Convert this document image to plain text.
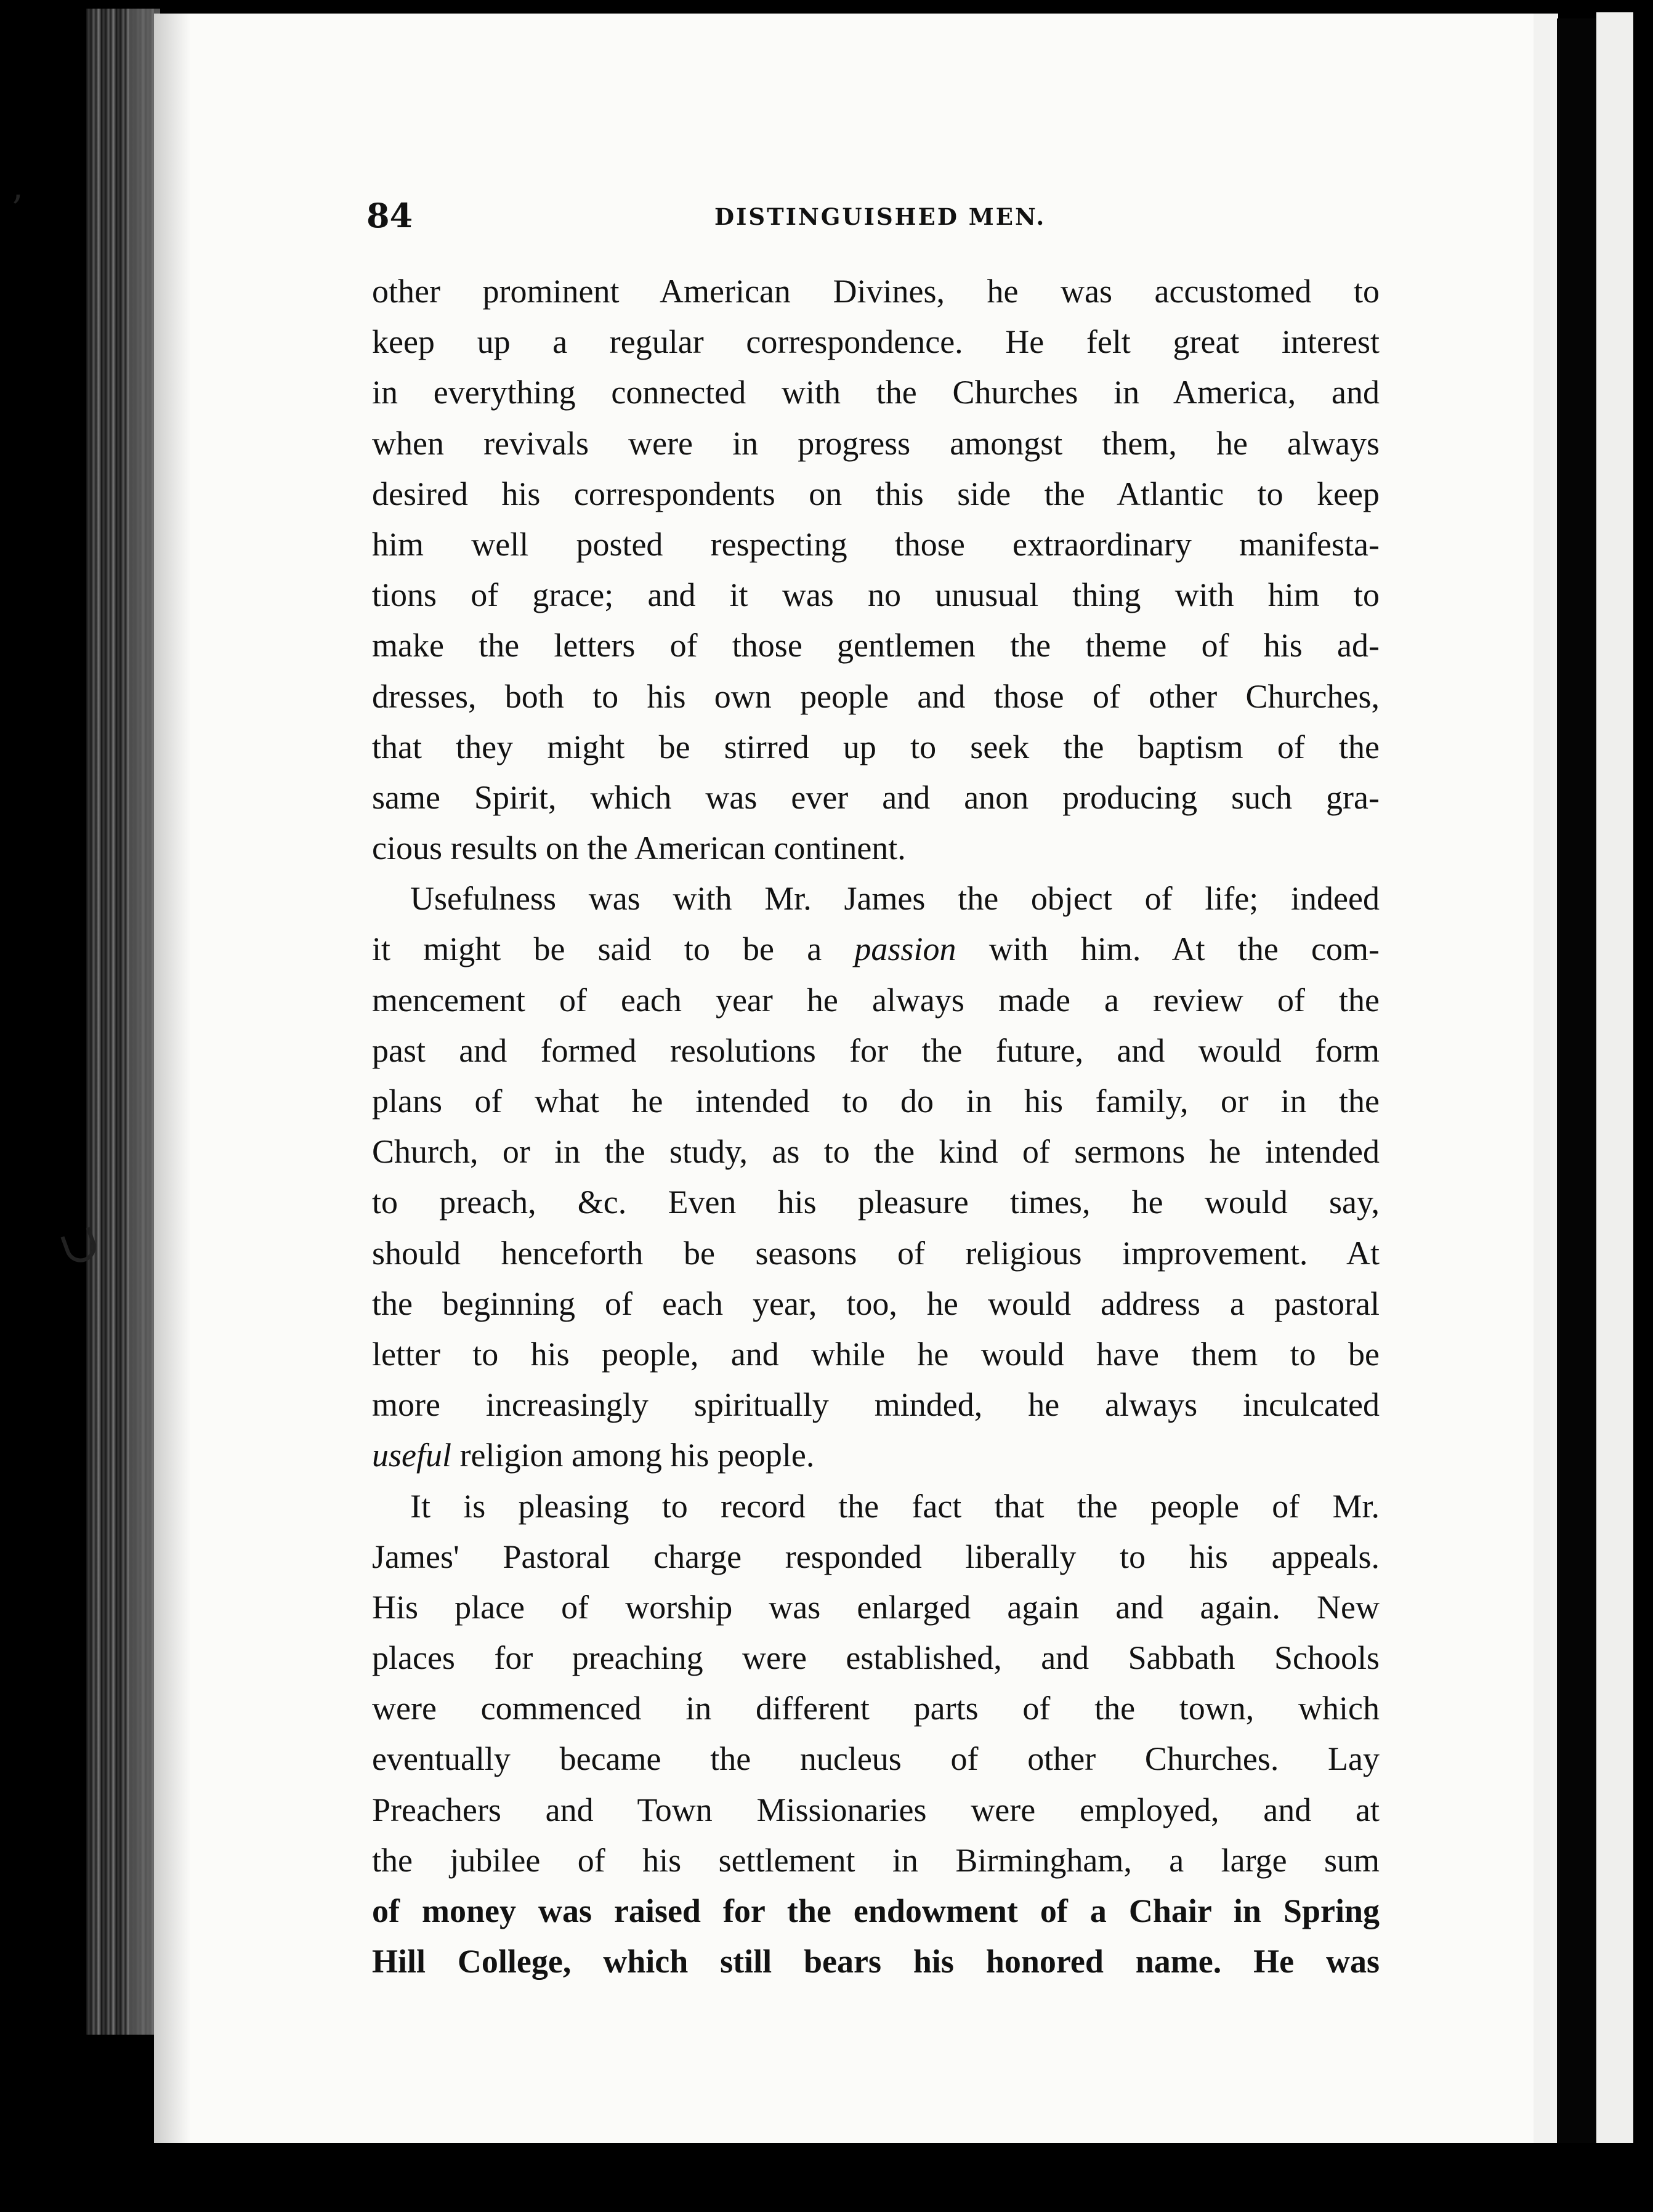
’
∪
84	DISTINGUISHED MEN.
other prominent American Divines, he was accustomed to
keep up a regular correspondence. He felt great interest
in everything connected with the Churches in America, and
when revivals were in progress amongst them, he always
desired his correspondents on this side the Atlantic to keep
him well posted respecting those extraordinary manifesta-
tions of grace; and it was no unusual thing with him to
make the letters of those gentlemen the theme of his ad-
dresses, both to his own people and those of other Churches,
that they might be stirred up to seek the baptism of the
same Spirit, which was ever and anon producing such gra-
cious results on the American continent.
Usefulness was with Mr. James the object of life; indeed
it might be said to be a passion with him. At the com-
mencement of each year he always made a review of the
past and formed resolutions for the future, and would form
plans of what he intended to do in his family, or in the
Church, or in the study, as to the kind of sermons he intended
to preach, &c. Even his pleasure times, he would say,
should henceforth be seasons of religious improvement. At
the beginning of each year, too, he would address a pastoral
letter to his people, and while he would have them to be
more increasingly spiritually minded, he always inculcated
useful religion among his people.
It is pleasing to record the fact that the people of Mr.
James' Pastoral charge responded liberally to his appeals.
His place of worship was enlarged again and again. New
places for preaching were established, and Sabbath Schools
were commenced in different parts of the town, which
eventually became the nucleus of other Churches. Lay
Preachers and Town Missionaries were employed, and at
the jubilee of his settlement in Birmingham, a large sum
of money was raised for the endowment of a Chair in Spring
Hill College, which still bears his honored name. He was
